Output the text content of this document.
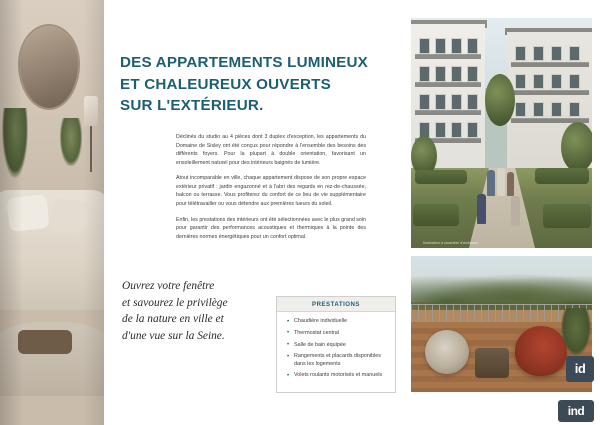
DES APPARTEMENTS LUMINEUX
ET CHALEUREUX OUVERTS
SUR L'EXTÉRIEUR.

Déclinés du studio au 4 pièces dont 3 duplex d'exception, les appartements du Domaine de Sisley ont été conçus pour répondre à l'ensemble des besoins des différents foyers. Pour la plupart à double orientation, favorisant un ensoleillement naturel pour des intérieurs baignés de lumière.

Atout incomparable en ville, chaque appartement dispose de son propre espace extérieur privatif : jardin engazonné et à l'abri des regards en rez-de-chaussée, balcon ou terrasse. Vous profiterez du confort de ce lieu de vie supplémentaire pour télétravailler ou vous détendre aux premières lueurs du soleil.

Enfin, les prestations des intérieurs ont été sélectionnées avec le plus grand soin pour garantir des performances acoustiques et thermiques à la pointe des dernières normes énergétiques pour un confort optimal.

Ouvrez votre fenêtre
et savourez le privilège
de la nature en ville et
d'une vue sur la Seine.
PRESTATIONS
• Chaudière individuelle
• Thermostat central
• Salle de bain équipée
• Rangements et placards disponibles dans les logements
• Volets roulants motorisés et manuels
Illustration à caractère d'ambiance
id
ind
